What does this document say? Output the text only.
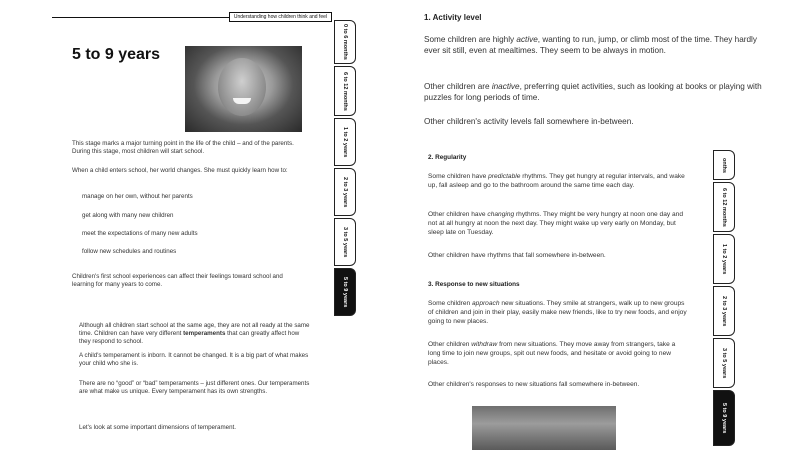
Understanding how children think and feel
5 to 9 years
This stage marks a major turning point in the life of the child – and of the parents. During this stage, most children will start school.
When a child enters school, her world changes. She must quickly learn how to:
manage on her own, without her parents
get along with many new children
meet the expectations of many new adults
follow new schedules and routines
Children's first school experiences can affect their feelings toward school and learning for many years to come.
Although all children start school at the same age, they are not all ready at the same time. Children can have very different temperaments that can greatly affect how they respond to school.
A child's temperament is inborn. It cannot be changed. It is a big part of what makes your child who she is.
There are no “good” or “bad” temperaments – just different ones. Our temperaments are what make us unique. Every temperament has its own strengths.
Let's look at some important dimensions of temperament.
0 to 6 months
6 to 12 months
1 to 2 years
2 to 3 years
3 to 5 years
5 to 9 years
1. Activity level
Some children are highly active, wanting to run, jump, or climb most of the time. They hardly ever sit still, even at mealtimes. They seem to be always in motion.
Other children are inactive, preferring quiet activities, such as looking at books or playing with puzzles for long periods of time.
Other children's activity levels fall somewhere in-between.
2. Regularity
Some children have predictable rhythms. They get hungry at regular intervals, and wake up, fall asleep and go to the bathroom around the same time each day.
Other children have changing rhythms. They might be very hungry at noon one day and not at all hungry at noon the next day. They might wake up very early on Monday, but sleep late on Tuesday.
Other children have rhythms that fall somewhere in-between.
3. Response to new situations
Some children approach new situations. They smile at strangers, walk up to new groups of children and join in their play, easily make new friends, like to try new foods, and enjoy going to new places.
Other children withdraw from new situations. They move away from strangers, take a long time to join new groups, spit out new foods, and hesitate or avoid going to new places.
Other children's responses to new situations fall somewhere in-between.
onths
6 to 12 months
1 to 2 years
2 to 3 years
3 to 5 years
5 to 9 years
